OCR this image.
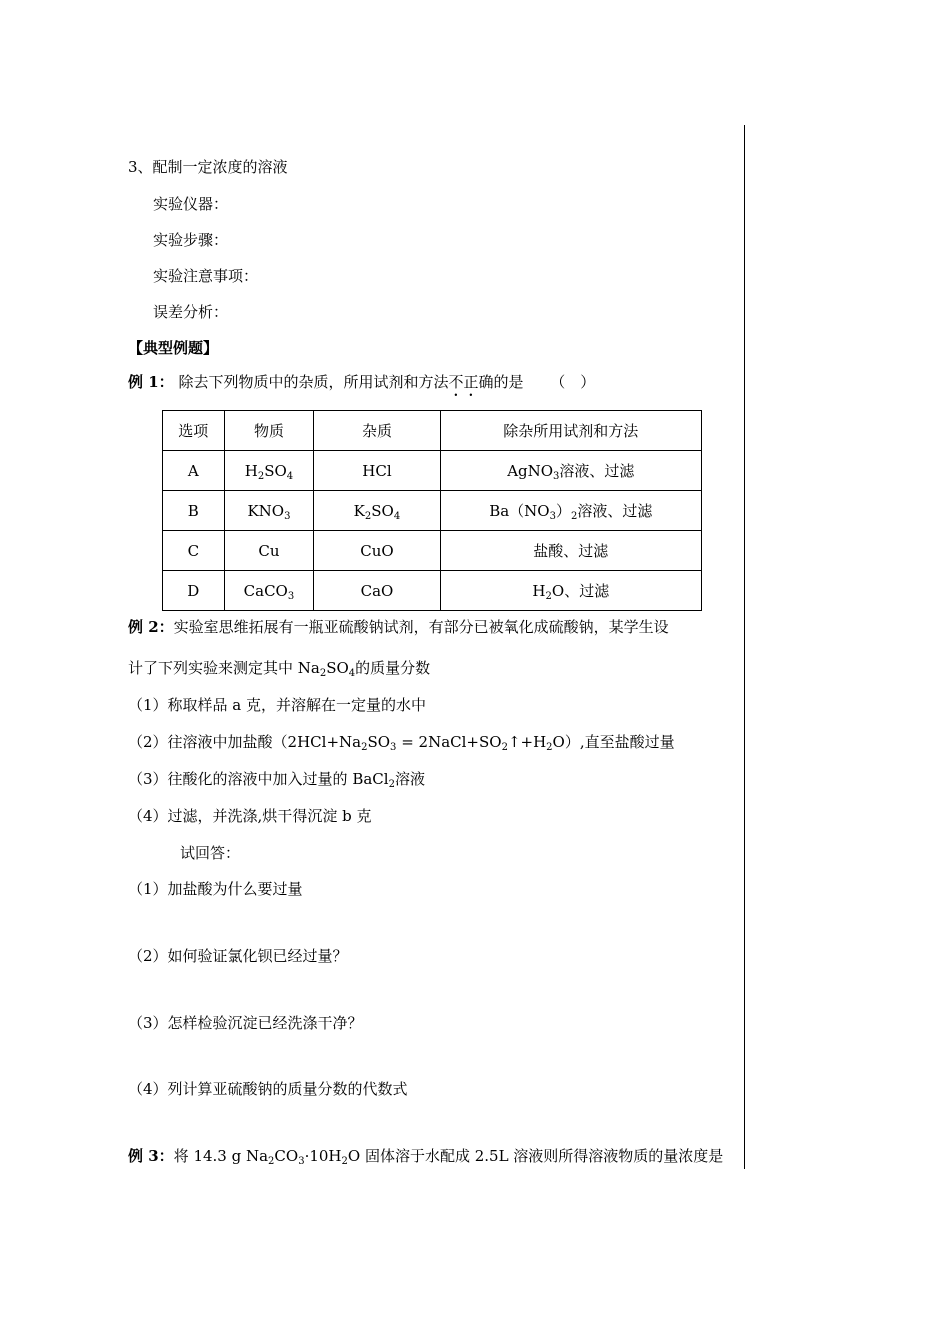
3、配制一定浓度的溶液
实验仪器：
实验步骤：
实验注意事项：
误差分析：
【典型例题】
例 1： 除去下列物质中的杂质，所用试剂和方法不正确的是 （　）
选项	物质	杂质	除杂所用试剂和方法
A	$H_2SO_4$	HCl	AgNO$_3$溶液、过滤
B	$KNO_3$	$K_2SO_4$	$Ba(NO_3)_2$溶液、过滤
C	Cu	CuO	盐酸、过滤
D	CaCO$_3$	CaO	$H_2O$、过滤
例 2：实验室思维拓展有一瓶亚硫酸钠试剂，有部分已被氧化成硫酸钠，某学生设
计了下列实验来测定其中 $Na_2SO_4$的质量分数
（1）称取样品 a 克，并溶解在一定量的水中
（2）往溶液中加盐酸（$2HCl+Na_2SO_3$ = $2NaCl+SO_2↑+H_2O$）,直至盐酸过量
（3）往酸化的溶液中加入过量的 BaCl$_2$溶液
（4）过滤，并洗涤,烘干得沉淀 b 克
试回答：
（1）加盐酸为什么要过量
（2）如何验证氯化钡已经过量？
（3）怎样检验沉淀已经洗涤干净？
（4）列计算亚硫酸钠的质量分数的代数式
例 3：将 14.3 g $Na_2CO_3\cdot 10H_2O$ 固体溶于水配成 2.5L 溶液则所得溶液物质的量浓度是
